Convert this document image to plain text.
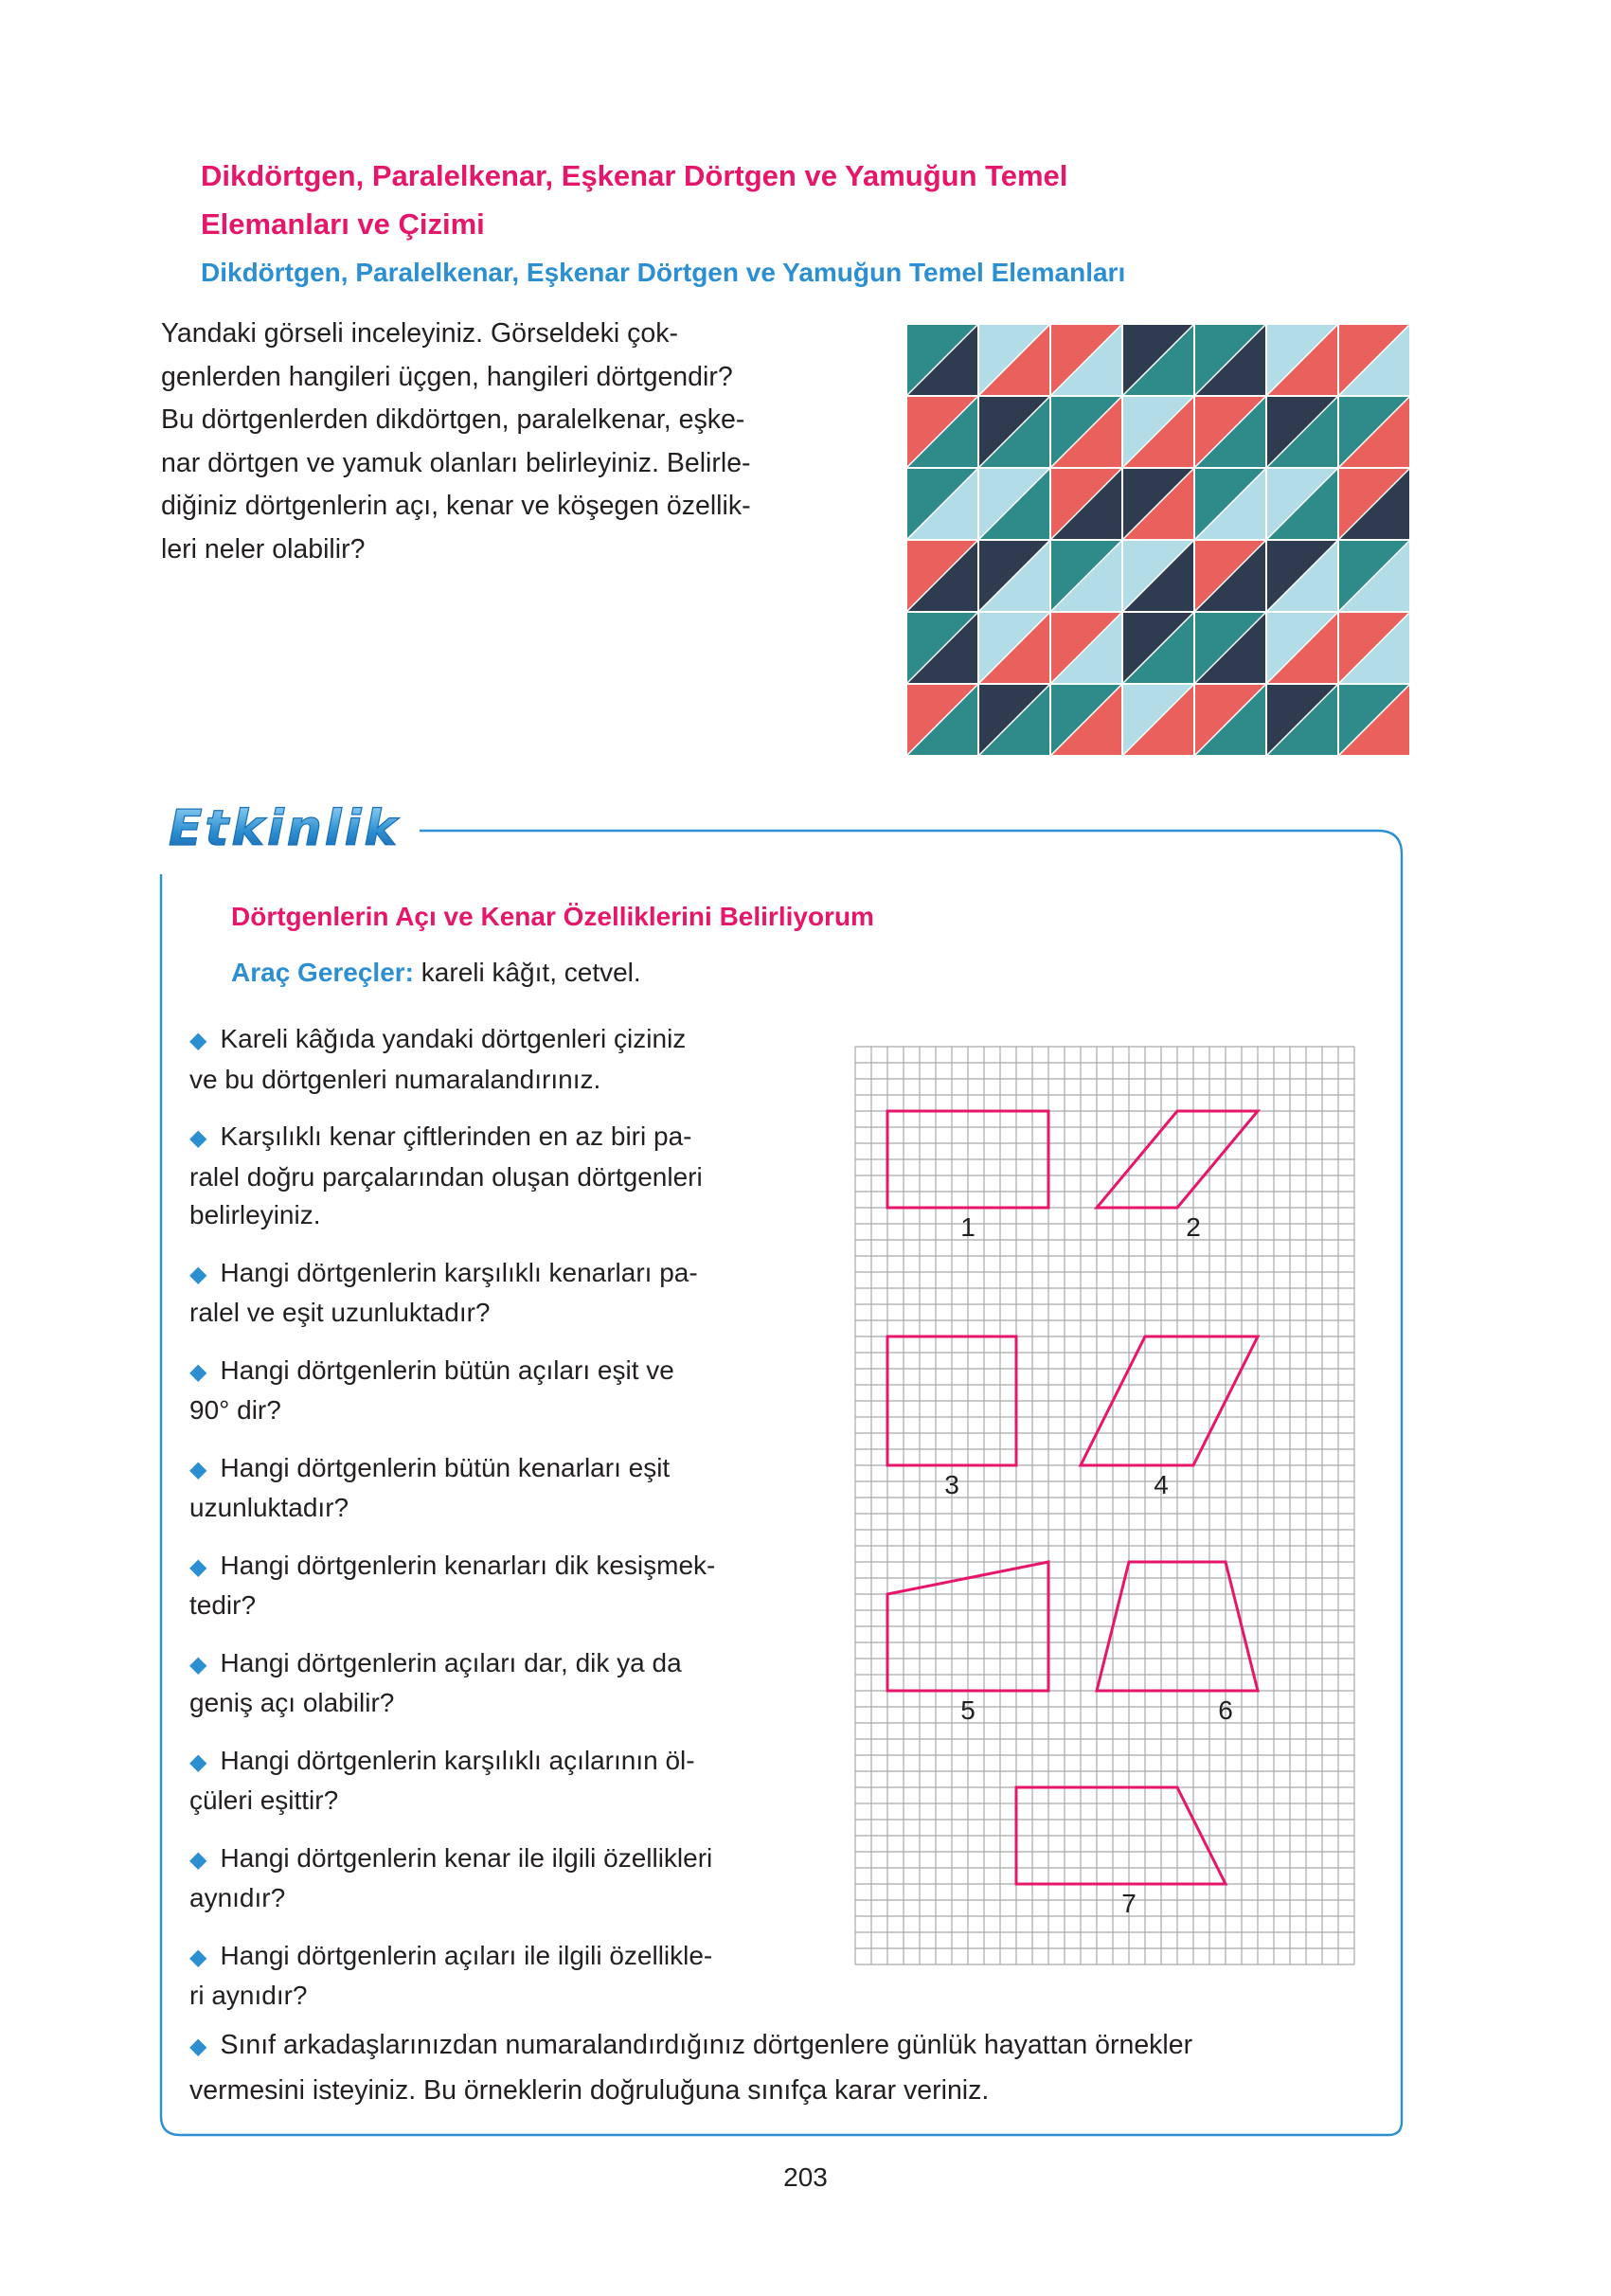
Dikdörtgen, Paralelkenar, Eşkenar Dörtgen ve Yamuğun Temel
Elemanları ve Çizimi
Dikdörtgen, Paralelkenar, Eşkenar Dörtgen ve Yamuğun Temel Elemanları

Yandaki görseli inceleyiniz. Görseldeki çok-
genlerden hangileri üçgen, hangileri dörtgendir?
Bu dörtgenlerden dikdörtgen, paralelkenar, eşke-
nar dörtgen ve yamuk olanları belirleyiniz. Belirle-
diğiniz dörtgenlerin açı, kenar ve köşegen özellik-
leri neler olabilir?

Etkinlik

Dörtgenlerin Açı ve Kenar Özelliklerini Belirliyorum

Araç Gereçler: kareli kâğıt, cetvel.

◆ Kareli kâğıda yandaki dörtgenleri çiziniz
ve bu dörtgenleri numaralandırınız.
◆ Karşılıklı kenar çiftlerinden en az biri pa-
ralel doğru parçalarından oluşan dörtgenleri
belirleyiniz.
◆ Hangi dörtgenlerin karşılıklı kenarları pa-
ralel ve eşit uzunluktadır?
◆ Hangi dörtgenlerin bütün açıları eşit ve
90° dir?
◆ Hangi dörtgenlerin bütün kenarları eşit
uzunluktadır?
◆ Hangi dörtgenlerin kenarları dik kesişmek-
tedir?
◆ Hangi dörtgenlerin açıları dar, dik ya da
geniş açı olabilir?
◆ Hangi dörtgenlerin karşılıklı açılarının öl-
çüleri eşittir?
◆ Hangi dörtgenlerin kenar ile ilgili özellikleri
aynıdır?
◆ Hangi dörtgenlerin açıları ile ilgili özellikle-
ri aynıdır?
1	2
3	4
5	6
7

◆ Sınıf arkadaşlarınızdan numaralandırdığınız dörtgenlere günlük hayattan örnekler
vermesini isteyiniz. Bu örneklerin doğruluğuna sınıfça karar veriniz.

203
